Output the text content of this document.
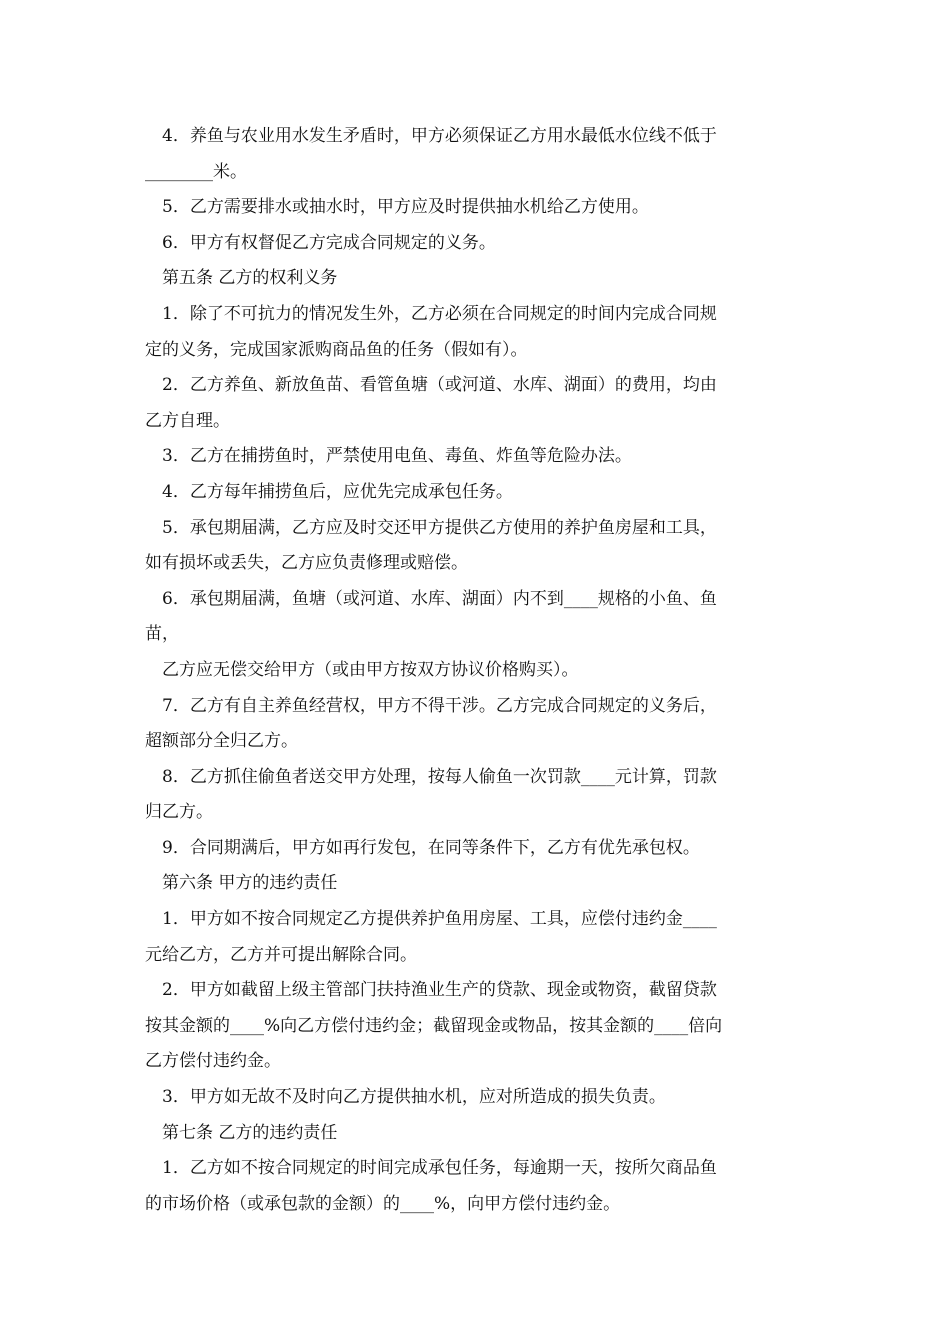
4．养鱼与农业用水发生矛盾时，甲方必须保证乙方用水最低水位线不低于
________米。
5．乙方需要排水或抽水时，甲方应及时提供抽水机给乙方使用。
6．甲方有权督促乙方完成合同规定的义务。
第五条 乙方的权利义务
1．除了不可抗力的情况发生外，乙方必须在合同规定的时间内完成合同规
定的义务，完成国家派购商品鱼的任务（假如有）。
2．乙方养鱼、新放鱼苗、看管鱼塘（或河道、水库、湖面）的费用，均由
乙方自理。
3．乙方在捕捞鱼时，严禁使用电鱼、毒鱼、炸鱼等危险办法。
4．乙方每年捕捞鱼后，应优先完成承包任务。
5．承包期届满，乙方应及时交还甲方提供乙方使用的养护鱼房屋和工具，
如有损坏或丢失，乙方应负责修理或赔偿。
6．承包期届满，鱼塘（或河道、水库、湖面）内不到____规格的小鱼、鱼
苗，
乙方应无偿交给甲方（或由甲方按双方协议价格购买）。
7．乙方有自主养鱼经营权，甲方不得干涉。乙方完成合同规定的义务后，
超额部分全归乙方。
8．乙方抓住偷鱼者送交甲方处理，按每人偷鱼一次罚款____元计算，罚款
归乙方。
9．合同期满后，甲方如再行发包，在同等条件下，乙方有优先承包权。
第六条 甲方的违约责任
1．甲方如不按合同规定乙方提供养护鱼用房屋、工具，应偿付违约金____
元给乙方，乙方并可提出解除合同。
2．甲方如截留上级主管部门扶持渔业生产的贷款、现金或物资，截留贷款
按其金额的____%向乙方偿付违约金；截留现金或物品，按其金额的____倍向
乙方偿付违约金。
3．甲方如无故不及时向乙方提供抽水机，应对所造成的损失负责。
第七条 乙方的违约责任
1．乙方如不按合同规定的时间完成承包任务，每逾期一天，按所欠商品鱼
的市场价格（或承包款的金额）的____%，向甲方偿付违约金。
